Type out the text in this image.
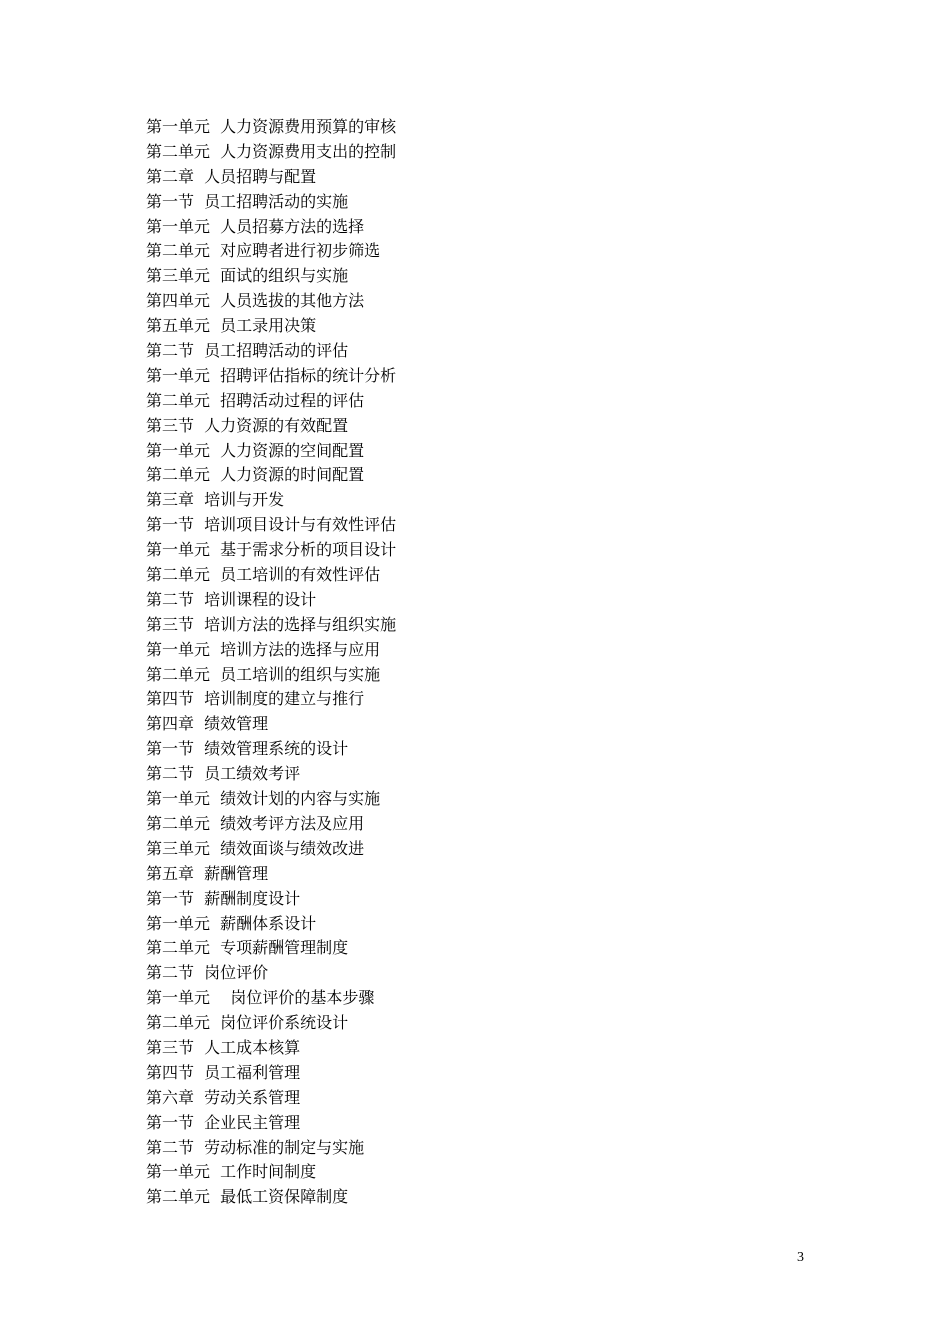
第一单元  人力资源费用预算的审核
第二单元  人力资源费用支出的控制
第二章  人员招聘与配置
第一节  员工招聘活动的实施
第一单元  人员招募方法的选择
第二单元  对应聘者进行初步筛选
第三单元  面试的组织与实施
第四单元  人员选拔的其他方法
第五单元  员工录用决策
第二节  员工招聘活动的评估
第一单元  招聘评估指标的统计分析
第二单元  招聘活动过程的评估
第三节  人力资源的有效配置
第一单元  人力资源的空间配置
第二单元  人力资源的时间配置
第三章  培训与开发
第一节  培训项目设计与有效性评估
第一单元  基于需求分析的项目设计
第二单元  员工培训的有效性评估
第二节  培训课程的设计
第三节  培训方法的选择与组织实施
第一单元  培训方法的选择与应用
第二单元  员工培训的组织与实施
第四节  培训制度的建立与推行
第四章  绩效管理
第一节  绩效管理系统的设计
第二节  员工绩效考评
第一单元  绩效计划的内容与实施
第二单元  绩效考评方法及应用
第三单元  绩效面谈与绩效改进
第五章  薪酬管理
第一节  薪酬制度设计
第一单元  薪酬体系设计
第二单元  专项薪酬管理制度
第二节  岗位评价
第一单元    岗位评价的基本步骤
第二单元  岗位评价系统设计
第三节  人工成本核算
第四节  员工福利管理
第六章  劳动关系管理
第一节  企业民主管理
第二节  劳动标准的制定与实施
第一单元  工作时间制度
第二单元  最低工资保障制度
3
